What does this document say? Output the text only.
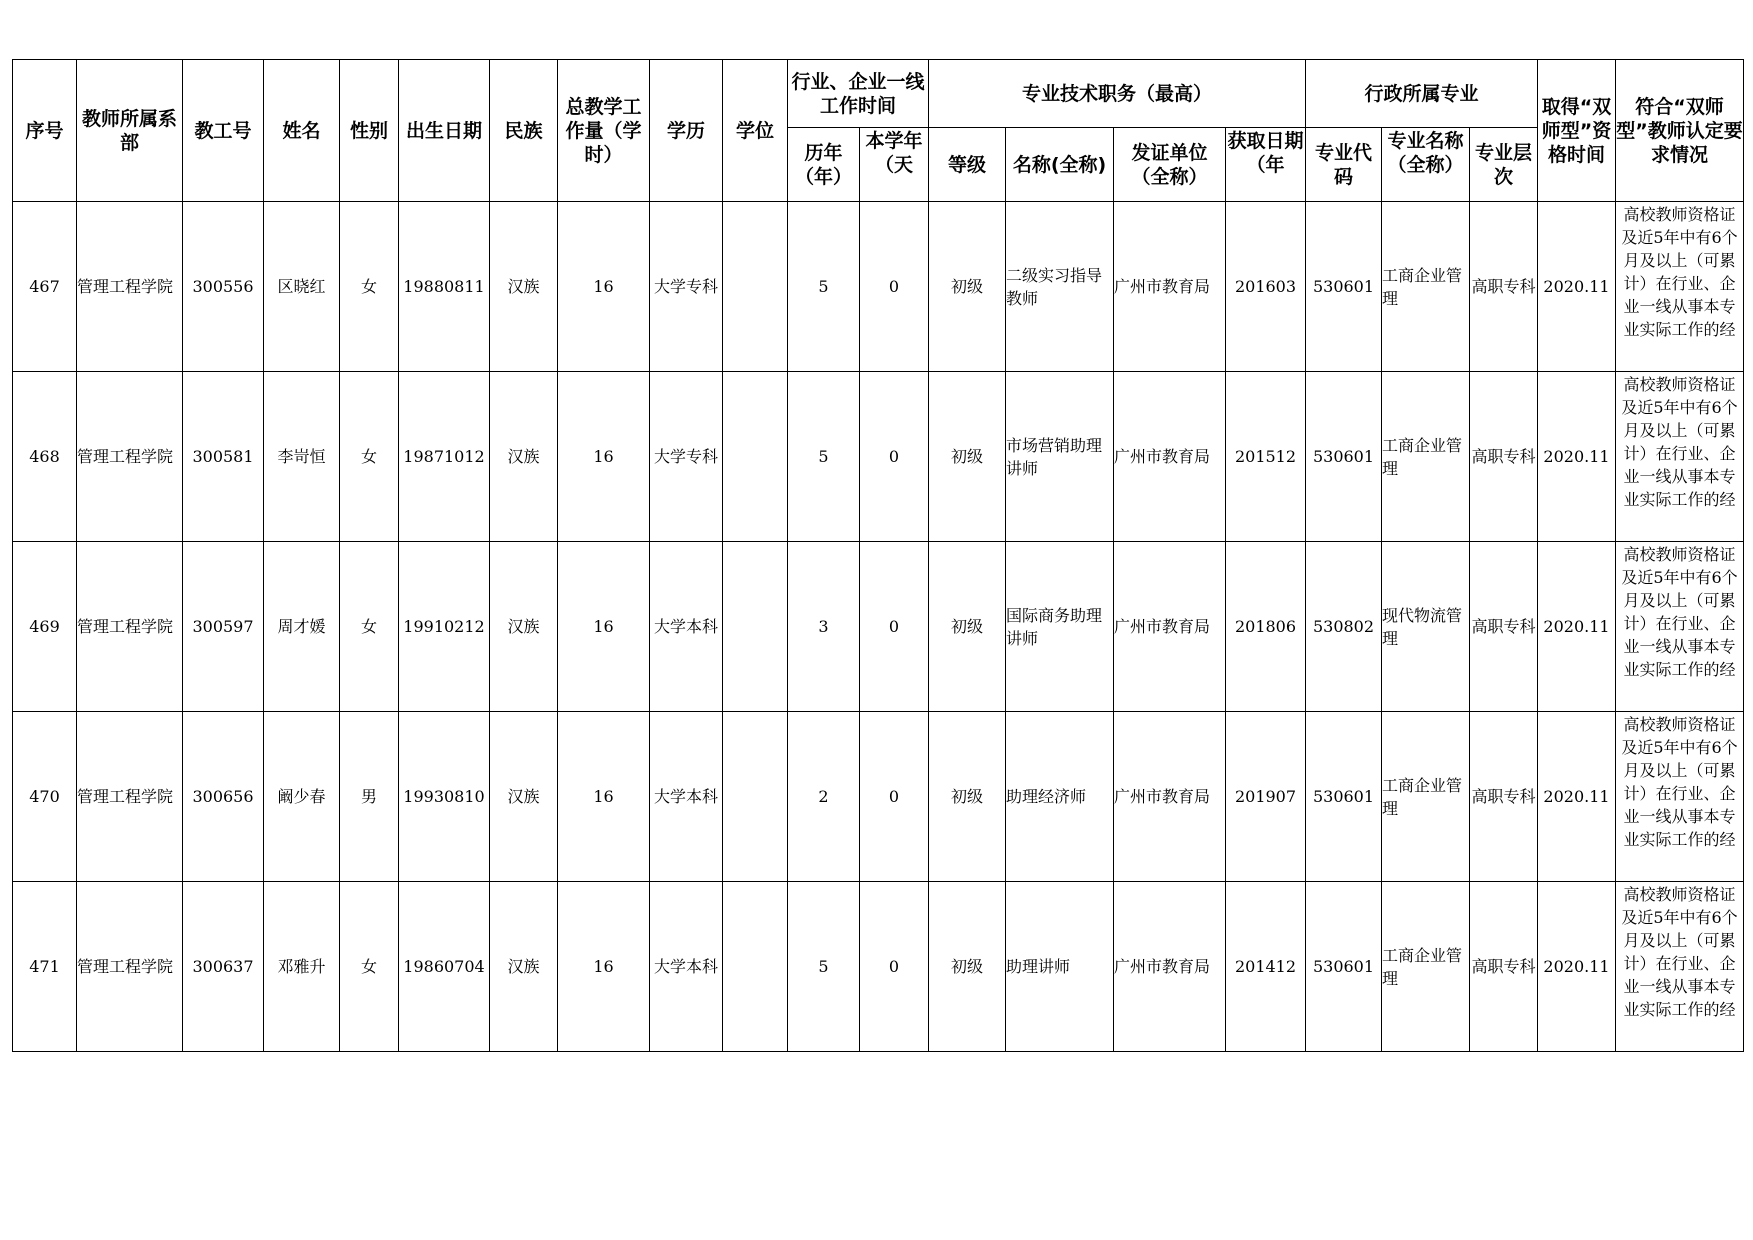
序号	教师所属系部	教工号	姓名	性别	出生日期	民族	总教学工作量（学时）	学历	学位	行业、企业一线工作时间		专业技术职务（最高）				行政所属专业			取得“双师型”资格时间	符合“双师型”教师认定要求情况
										历年（年）	本学年（天	等级	名称(全称)	发证单位（全称）	获取日期（年	专业代码	专业名称（全称）	专业层次		
467	管理工程学院	300556	区晓红	女	19880811	汉族	16	大学专科		5	0	初级	二级实习指导教师	广州市教育局	201603	530601	工商企业管理	高职专科	2020.11	高校教师资格证及近5年中有6个月及以上（可累计）在行业、企业一线从事本专业实际工作的经

468	管理工程学院	300581	李岢恒	女	19871012	汉族	16	大学专科		5	0	初级	市场营销助理讲师	广州市教育局	201512	530601	工商企业管理	高职专科	2020.11	高校教师资格证及近5年中有6个月及以上（可累计）在行业、企业一线从事本专业实际工作的经

469	管理工程学院	300597	周才媛	女	19910212	汉族	16	大学本科		3	0	初级	国际商务助理讲师	广州市教育局	201806	530802	现代物流管理	高职专科	2020.11	高校教师资格证及近5年中有6个月及以上（可累计）在行业、企业一线从事本专业实际工作的经

470	管理工程学院	300656	阚少春	男	19930810	汉族	16	大学本科		2	0	初级	助理经济师	广州市教育局	201907	530601	工商企业管理	高职专科	2020.11	高校教师资格证及近5年中有6个月及以上（可累计）在行业、企业一线从事本专业实际工作的经

471	管理工程学院	300637	邓雅升	女	19860704	汉族	16	大学本科		5	0	初级	助理讲师	广州市教育局	201412	530601	工商企业管理	高职专科	2020.11	高校教师资格证及近5年中有6个月及以上（可累计）在行业、企业一线从事本专业实际工作的经
